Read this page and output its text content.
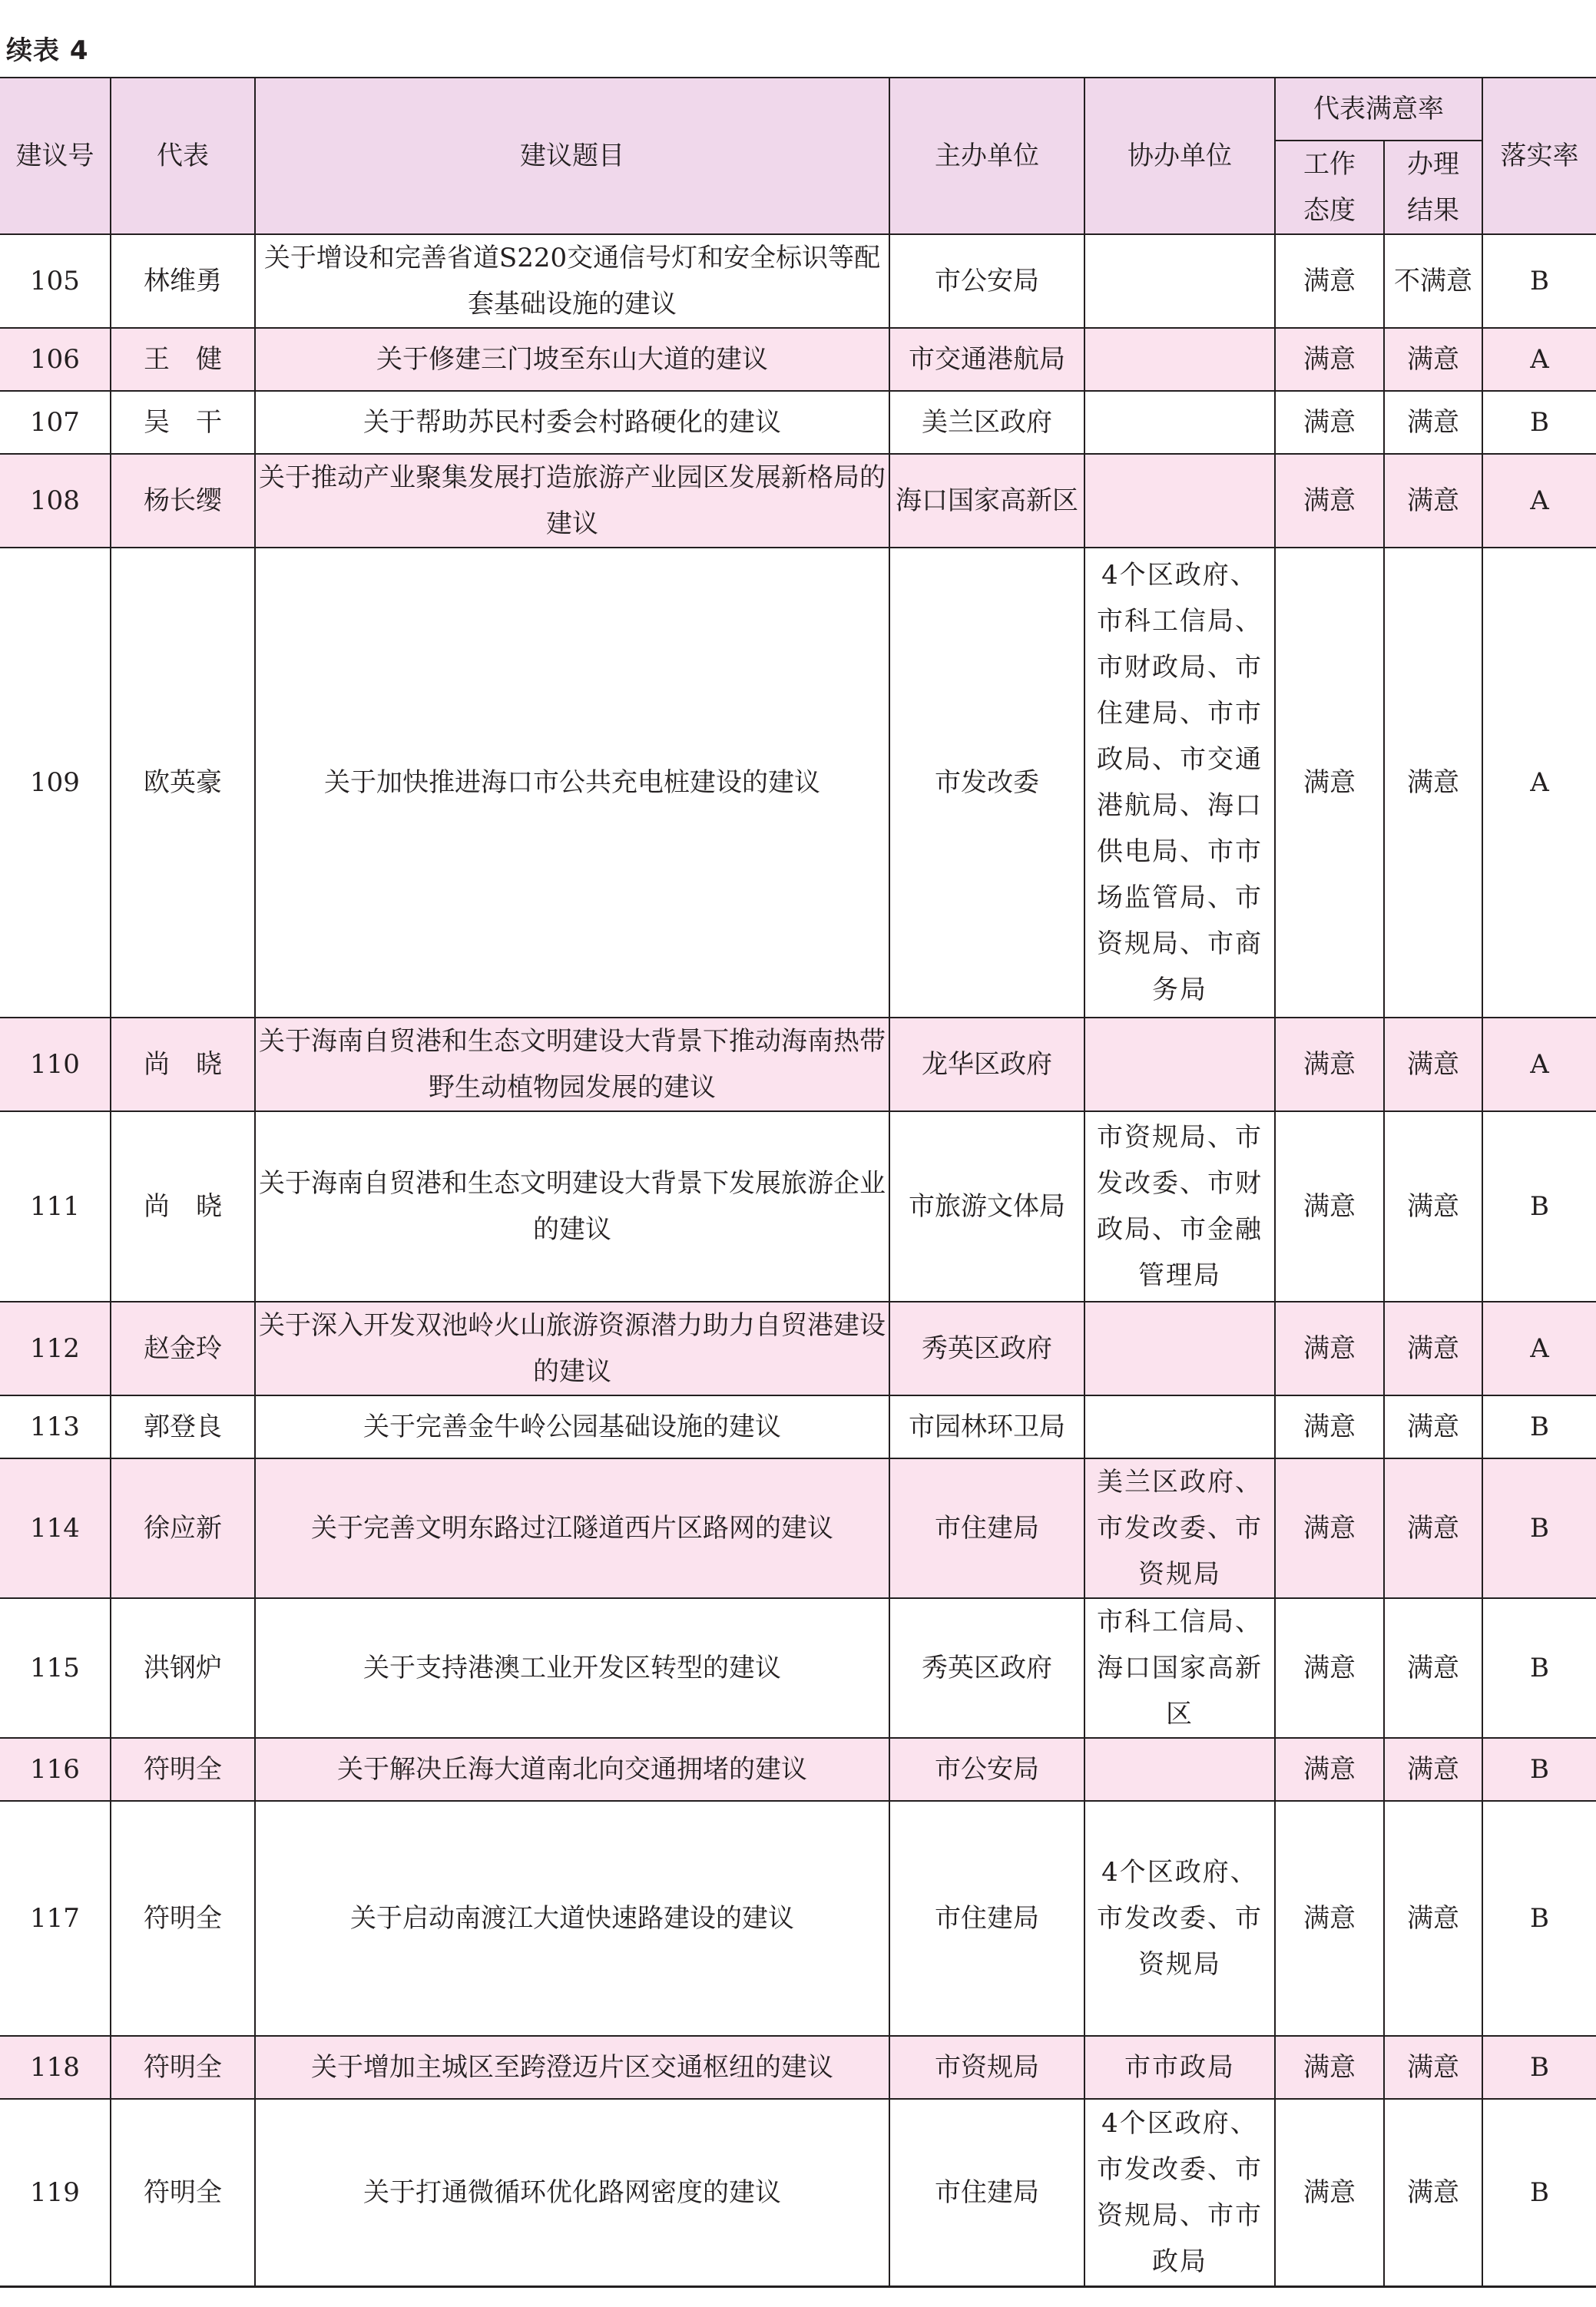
续表 4
建议号	代表	建议题目	主办单位	协办单位	代表满意率		落实率
					工作态度	办理结果	
105	林维勇	关于增设和完善省道S220交通信号灯和安全标识等配套基础设施的建议	市公安局		满意	不满意	B
106	王　健	关于修建三门坡至东山大道的建议	市交通港航局		满意	满意	A
107	吴　干	关于帮助苏民村委会村路硬化的建议	美兰区政府		满意	满意	B
108	杨长缨	关于推动产业聚集发展打造旅游产业园区发展新格局的建议	海口国家高新区		满意	满意	A
109	欧英豪	关于加快推进海口市公共充电桩建设的建议	市发改委	4个区政府、市科工信局、市财政局、市住建局、市市政局、市交通港航局、海口供电局、市市场监管局、市资规局、市商务局	满意	满意	A
110	尚　晓	关于海南自贸港和生态文明建设大背景下推动海南热带野生动植物园发展的建议	龙华区政府		满意	满意	A
111	尚　晓	关于海南自贸港和生态文明建设大背景下发展旅游企业的建议	市旅游文体局	市资规局、市发改委、市财政局、市金融管理局	满意	满意	B
112	赵金玲	关于深入开发双池岭火山旅游资源潜力助力自贸港建设的建议	秀英区政府		满意	满意	A
113	郭登良	关于完善金牛岭公园基础设施的建议	市园林环卫局		满意	满意	B
114	徐应新	关于完善文明东路过江隧道西片区路网的建议	市住建局	美兰区政府、市发改委、市资规局	满意	满意	B
115	洪钢炉	关于支持港澳工业开发区转型的建议	秀英区政府	市科工信局、海口国家高新区	满意	满意	B
116	符明全	关于解决丘海大道南北向交通拥堵的建议	市公安局		满意	满意	B
117	符明全	关于启动南渡江大道快速路建设的建议	市住建局	4个区政府、市发改委、市资规局	满意	满意	B
118	符明全	关于增加主城区至跨澄迈片区交通枢纽的建议	市资规局	市市政局	满意	满意	B
119	符明全	关于打通微循环优化路网密度的建议	市住建局	4个区政府、市发改委、市资规局、市市政局	满意	满意	B
